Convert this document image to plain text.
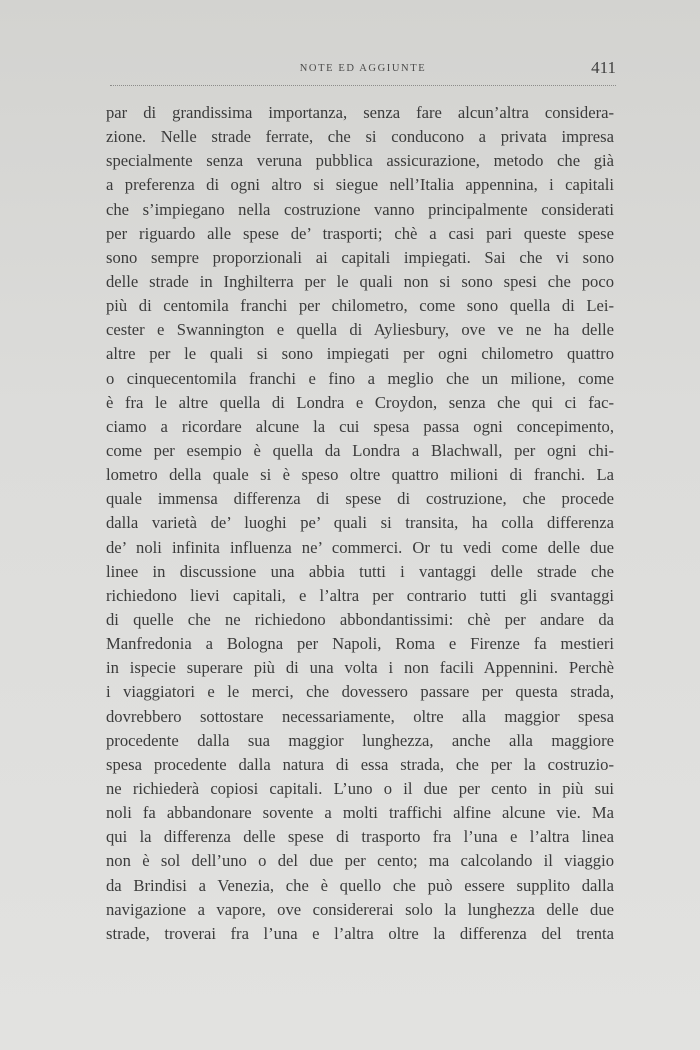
NOTE ED AGGIUNTE	411
par di grandissima importanza, senza fare alcun’altra considera-
zione. Nelle strade ferrate, che si conducono a privata impresa
specialmente senza veruna pubblica assicurazione, metodo che già
a preferenza di ogni altro si siegue nell’Italia appennina, i capitali
che s’impiegano nella costruzione vanno principalmente considerati
per riguardo alle spese de’ trasporti; chè a casi pari queste spese
sono sempre proporzionali ai capitali impiegati. Sai che vi sono
delle strade in Inghilterra per le quali non si sono spesi che poco
più di centomila franchi per chilometro, come sono quella di Lei-
cester e Swannington e quella di Ayliesbury, ove ve ne ha delle
altre per le quali si sono impiegati per ogni chilometro quattro
o cinquecentomila franchi e fino a meglio che un milione, come
è fra le altre quella di Londra e Croydon, senza che qui ci fac-
ciamo a ricordare alcune la cui spesa passa ogni concepimento,
come per esempio è quella da Londra a Blachwall, per ogni chi-
lometro della quale si è speso oltre quattro milioni di franchi. La
quale immensa differenza di spese di costruzione, che procede
dalla varietà de’ luoghi pe’ quali si transita, ha colla differenza
de’ noli infinita influenza ne’ commerci. Or tu vedi come delle due
linee in discussione una abbia tutti i vantaggi delle strade che
richiedono lievi capitali, e l’altra per contrario tutti gli svantaggi
di quelle che ne richiedono abbondantissimi: chè per andare da
Manfredonia a Bologna per Napoli, Roma e Firenze fa mestieri
in ispecie superare più di una volta i non facili Appennini. Perchè
i viaggiatori e le merci, che dovessero passare per questa strada,
dovrebbero sottostare necessariamente, oltre alla maggior spesa
procedente dalla sua maggior lunghezza, anche alla maggiore
spesa procedente dalla natura di essa strada, che per la costruzio-
ne richiederà copiosi capitali. L’uno o il due per cento in più sui
noli fa abbandonare sovente a molti traffichi alfine alcune vie. Ma
qui la differenza delle spese di trasporto fra l’una e l’altra linea
non è sol dell’uno o del due per cento; ma calcolando il viaggio
da Brindisi a Venezia, che è quello che può essere supplito dalla
navigazione a vapore, ove considererai solo la lunghezza delle due
strade, troverai fra l’una e l’altra oltre la differenza del trenta
